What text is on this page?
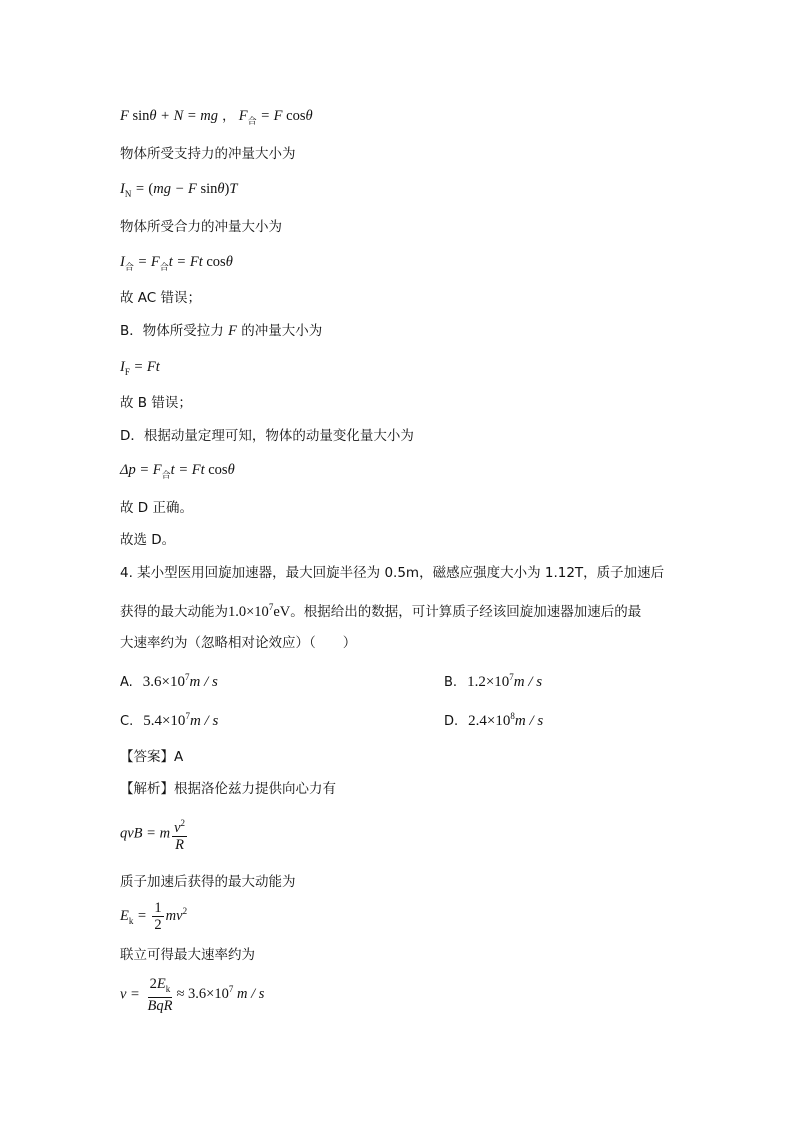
F sinθ + N = mg ， $F_合 = F$ cosθ
物体所受支持力的冲量大小为
$I_N = (mg - F$ sinθ)T
物体所受合力的冲量大小为
$I_合 = F_合t = Ft$ cosθ
故 AC 错误；
B．物体所受拉力 F 的冲量大小为
$I_F = Ft$
故 B 错误；
D．根据动量定理可知，物体的动量变化量大小为
$\Delta p = F_合t = Ft$ cosθ
故 D 正确。
故选 D。
4. 某小型医用回旋加速器，最大回旋半径为 0.5m，磁感应强度大小为 1.12T，质子加速后
获得的最大动能为$1.0\times 10^7eV$。根据给出的数据，可计算质子经该回旋加速器加速后的最
大速率约为（忽略相对论效应）（　　）
A. $3.6\times 10^7m / s$	B. $1.2\times 10^7m / s$
C. $5.4\times 10^7m / s$	D. $2.4\times 10^8m / s$
【答案】A
【解析】根据洛伦兹力提供向心力有
qvB = m $\frac{v^2}{R}$
质子加速后获得的最大动能为
$E_k = \frac{1}{2} mv^2$
联立可得最大速率约为
$v = \frac{2E_k}{\text{BqR}} \approx 3.6\times 10^7$ m / s
